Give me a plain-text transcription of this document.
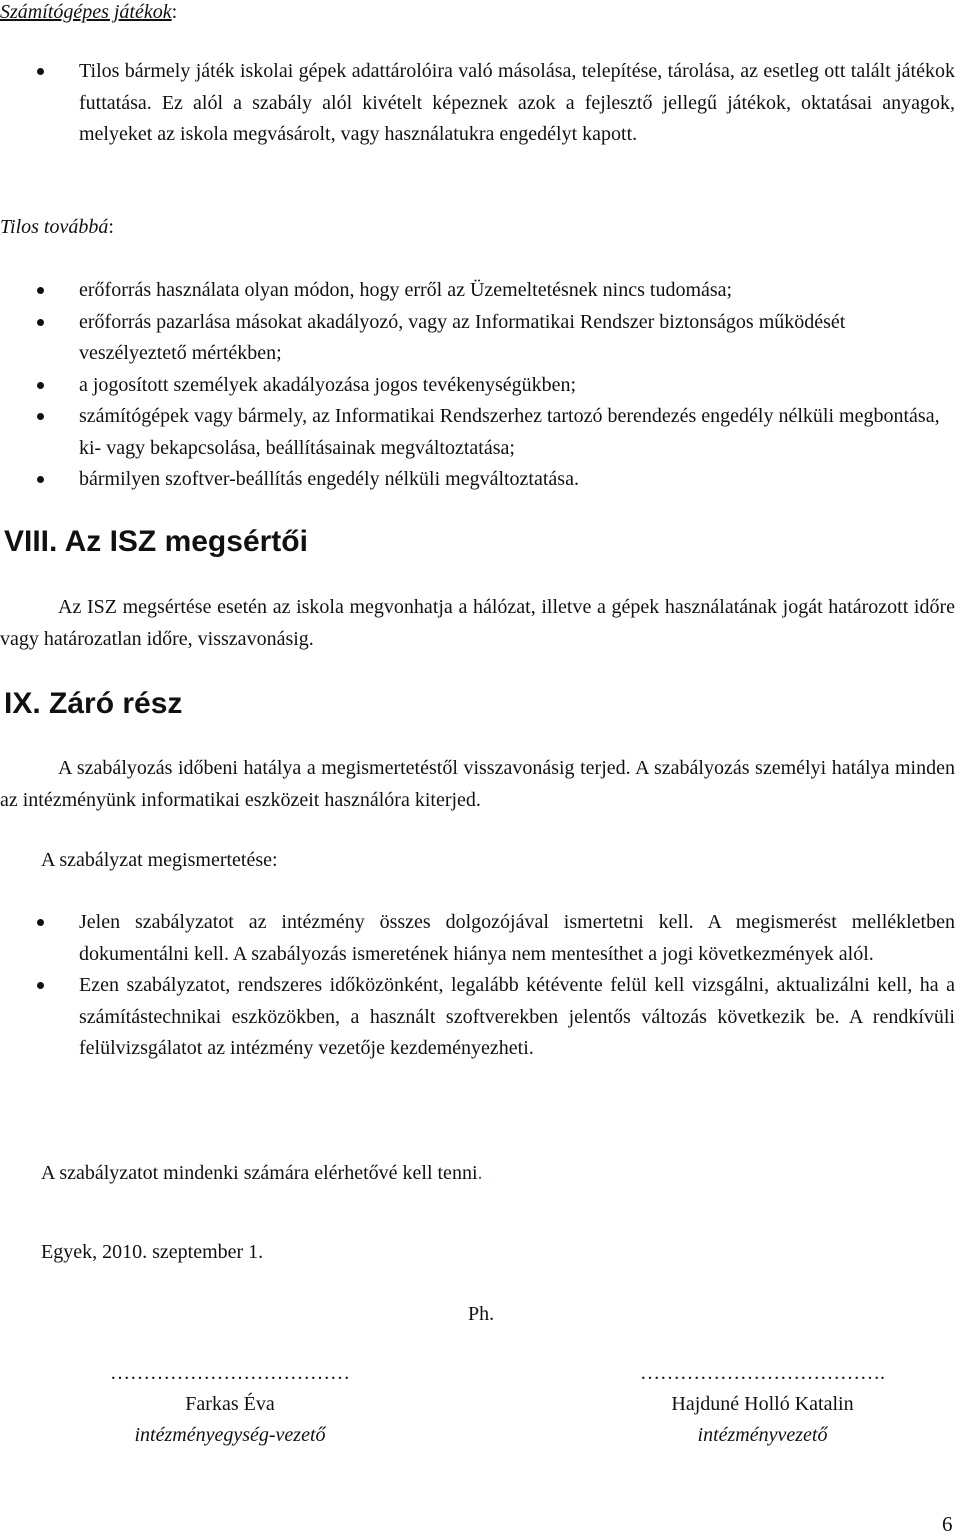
Számítógépes játékok:
Tilos bármely játék iskolai gépek adattárolóira való másolása, telepítése, tárolása, az esetleg ott talált játékok futtatása. Ez alól a szabály alól kivételt képeznek azok a fejlesztő jellegű játékok, oktatásai anyagok, melyeket az iskola megvásárolt, vagy használatukra engedélyt kapott.
Tilos továbbá:
erőforrás használata olyan módon, hogy erről az Üzemeltetésnek nincs tudomása;
erőforrás pazarlása másokat akadályozó, vagy az Informatikai Rendszer biztonságos működését veszélyeztető mértékben;
a jogosított személyek akadályozása jogos tevékenységükben;
számítógépek vagy bármely, az Informatikai Rendszerhez tartozó berendezés engedély nélküli megbontása, ki- vagy bekapcsolása, beállításainak megváltoztatása;
bármilyen szoftver-beállítás engedély nélküli megváltoztatása.
VIII. Az ISZ megsértői

Az ISZ megsértése esetén az iskola megvonhatja a hálózat, illetve a gépek használatának jogát határozott időre vagy határozatlan időre, visszavonásig.

IX. Záró rész

A szabályozás időbeni hatálya a megismertetéstől visszavonásig terjed. A szabályozás személyi hatálya minden az intézményünk informatikai eszközeit használóra kiterjed.

A szabályzat megismertetése:

Jelen szabályzatot az intézmény összes dolgozójával ismertetni kell. A megismerést mellékletben dokumentálni kell. A szabályozás ismeretének hiánya nem mentesíthet a jogi következmények alól.
Ezen szabályzatot, rendszeres időközönként, legalább kétévente felül kell vizsgálni, aktualizálni kell, ha a számítástechnikai eszközökben, a használt szoftverekben jelentős változás következik be. A rendkívüli felülvizsgálatot az intézmény vezetője kezdeményezheti.

A szabályzatot mindenki számára elérhetővé kell tenni.

Egyek, 2010. szeptember 1.

Ph.
………………………………
Farkas Éva
intézményegység-vezető
……………………………….
Hajduné Holló Katalin
intézményvezető
6
